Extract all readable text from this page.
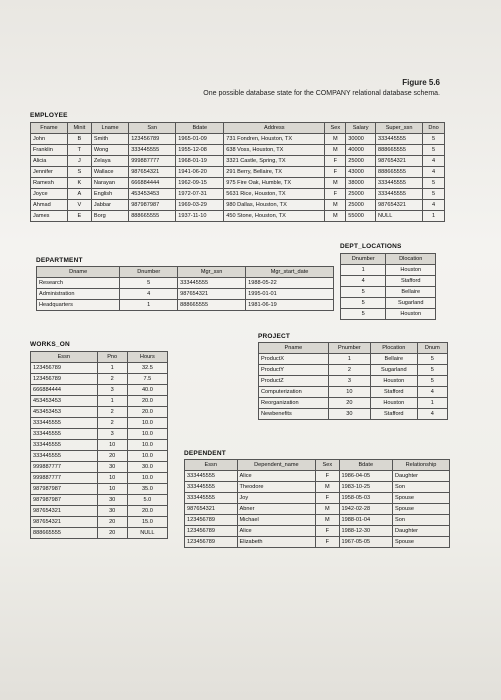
Figure 5.6
One possible database state for the COMPANY relational database schema.
EMPLOYEE
Fname	Minit	Lname	Ssn	Bdate	Address	Sex	Salary	Super_ssn	Dno
John	B	Smith	123456789	1965-01-09	731 Fondren, Houston, TX	M	30000	333445555	5
Franklin	T	Wong	333445555	1955-12-08	638 Voss, Houston, TX	M	40000	888665555	5
Alicia	J	Zelaya	999887777	1968-01-19	3321 Castle, Spring, TX	F	25000	987654321	4
Jennifer	S	Wallace	987654321	1941-06-20	291 Berry, Bellaire, TX	F	43000	888665555	4
Ramesh	K	Narayan	666884444	1962-09-15	975 Fire Oak, Humble, TX	M	38000	333445555	5
Joyce	A	English	453453453	1972-07-31	5631 Rice, Houston, TX	F	25000	333445555	5
Ahmad	V	Jabbar	987987987	1969-03-29	980 Dallas, Houston, TX	M	25000	987654321	4
James	E	Borg	888665555	1937-11-10	450 Stone, Houston, TX	M	55000	NULL	1
DEPARTMENT
Dname	Dnumber	Mgr_ssn	Mgr_start_date
Research	5	333445555	1988-05-22
Administration	4	987654321	1995-01-01
Headquarters	1	888665555	1981-06-19
DEPT_LOCATIONS
Dnumber	Dlocation
1	Houston
4	Stafford
5	Bellaire
5	Sugarland
5	Houston
PROJECT
Pname	Pnumber	Plocation	Dnum
ProductX	1	Bellaire	5
ProductY	2	Sugarland	5
ProductZ	3	Houston	5
Computerization	10	Stafford	4
Reorganization	20	Houston	1
Newbenefits	30	Stafford	4
WORKS_ON
Essn	Pno	Hours
123456789	1	32.5
123456789	2	7.5
666884444	3	40.0
453453453	1	20.0
453453453	2	20.0
333445555	2	10.0
333445555	3	10.0
333445555	10	10.0
333445555	20	10.0
999887777	30	30.0
999887777	10	10.0
987987987	10	35.0
987987987	30	5.0
987654321	30	20.0
987654321	20	15.0
888665555	20	NULL
DEPENDENT
Essn	Dependent_name	Sex	Bdate	Relationship
333445555	Alice	F	1986-04-05	Daughter
333445555	Theodore	M	1983-10-25	Son
333445555	Joy	F	1958-05-03	Spouse
987654321	Abner	M	1942-02-28	Spouse
123456789	Michael	M	1988-01-04	Son
123456789	Alice	F	1988-12-30	Daughter
123456789	Elizabeth	F	1967-05-05	Spouse
